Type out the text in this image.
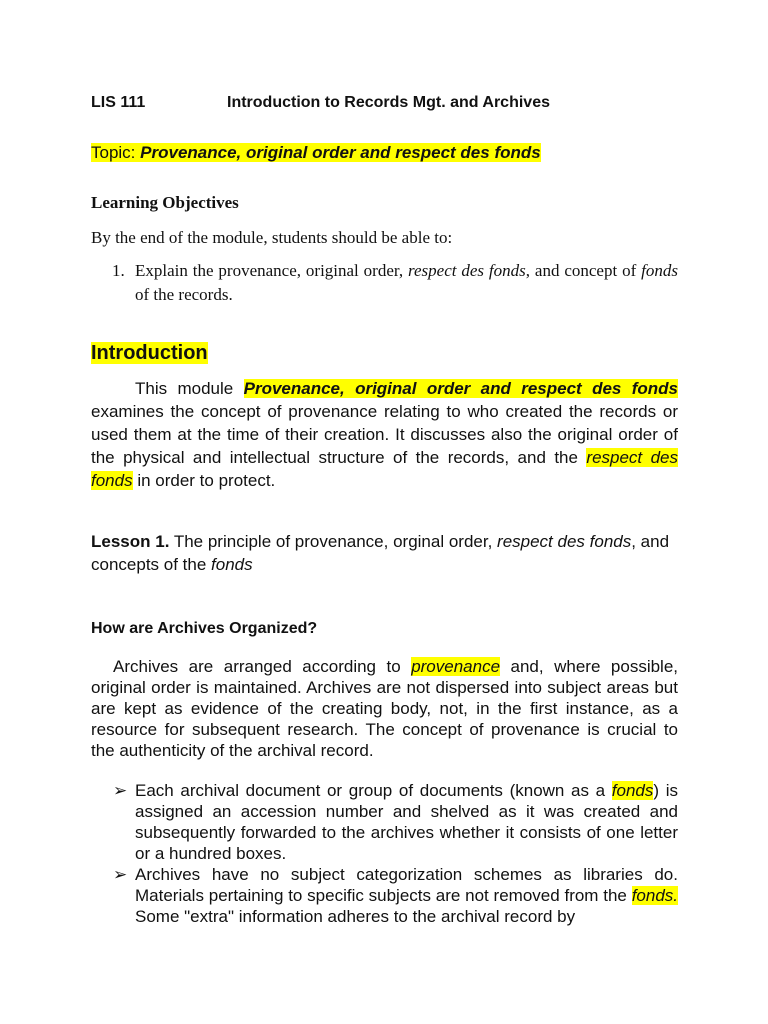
LIS 111	Introduction to Records Mgt. and Archives
Topic: Provenance, original order and respect des fonds
Learning Objectives
By the end of the module, students should be able to:
1. Explain the provenance, original order, respect des fonds, and concept of fonds of the records.
Introduction
This module Provenance, original order and respect des fonds examines the concept of provenance relating to who created the records or used them at the time of their creation. It discusses also the original order of the physical and intellectual structure of the records, and the respect des fonds in order to protect.
Lesson 1. The principle of provenance, orginal order, respect des fonds, and concepts of the fonds
How are Archives Organized?
Archives are arranged according to provenance and, where possible, original order is maintained. Archives are not dispersed into subject areas but are kept as evidence of the creating body, not, in the first instance, as a resource for subsequent research. The concept of provenance is crucial to the authenticity of the archival record.
➢ Each archival document or group of documents (known as a fonds) is assigned an accession number and shelved as it was created and subsequently forwarded to the archives whether it consists of one letter or a hundred boxes.
➢ Archives have no subject categorization schemes as libraries do. Materials pertaining to specific subjects are not removed from the fonds. Some "extra" information adheres to the archival record by
